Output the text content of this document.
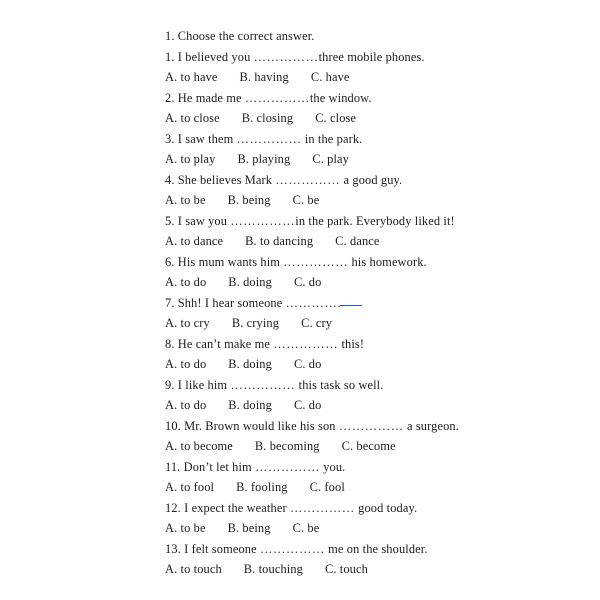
1. Choose the correct answer.
1. I believed you ……………three mobile phones.
A. to have B. having C. have
2. He made me ……………the window.
A. to close B. closing C. close
3. I saw them …………… in the park.
A. to play B. playing C. play
4. She believes Mark …………… a good guy.
A. to be B. being C. be
5. I saw you ……………in the park. Everybody liked it!
A. to dance B. to dancing C. dance
6. His mum wants him …………… his homework.
A. to do B. doing C. do
7. Shh! I hear someone ………….
A. to cry B. crying C. cry
8. He can’t make me …………… this!
A. to do B. doing C. do
9. I like him …………… this task so well.
A. to do B. doing C. do
10. Mr. Brown would like his son …………… a surgeon.
A. to become B. becoming C. become
11. Don’t let him …………… you.
A. to fool B. fooling C. fool
12. I expect the weather …………… good today.
A. to be B. being C. be
13. I felt someone …………… me on the shoulder.
A. to touch B. touching C. touch
